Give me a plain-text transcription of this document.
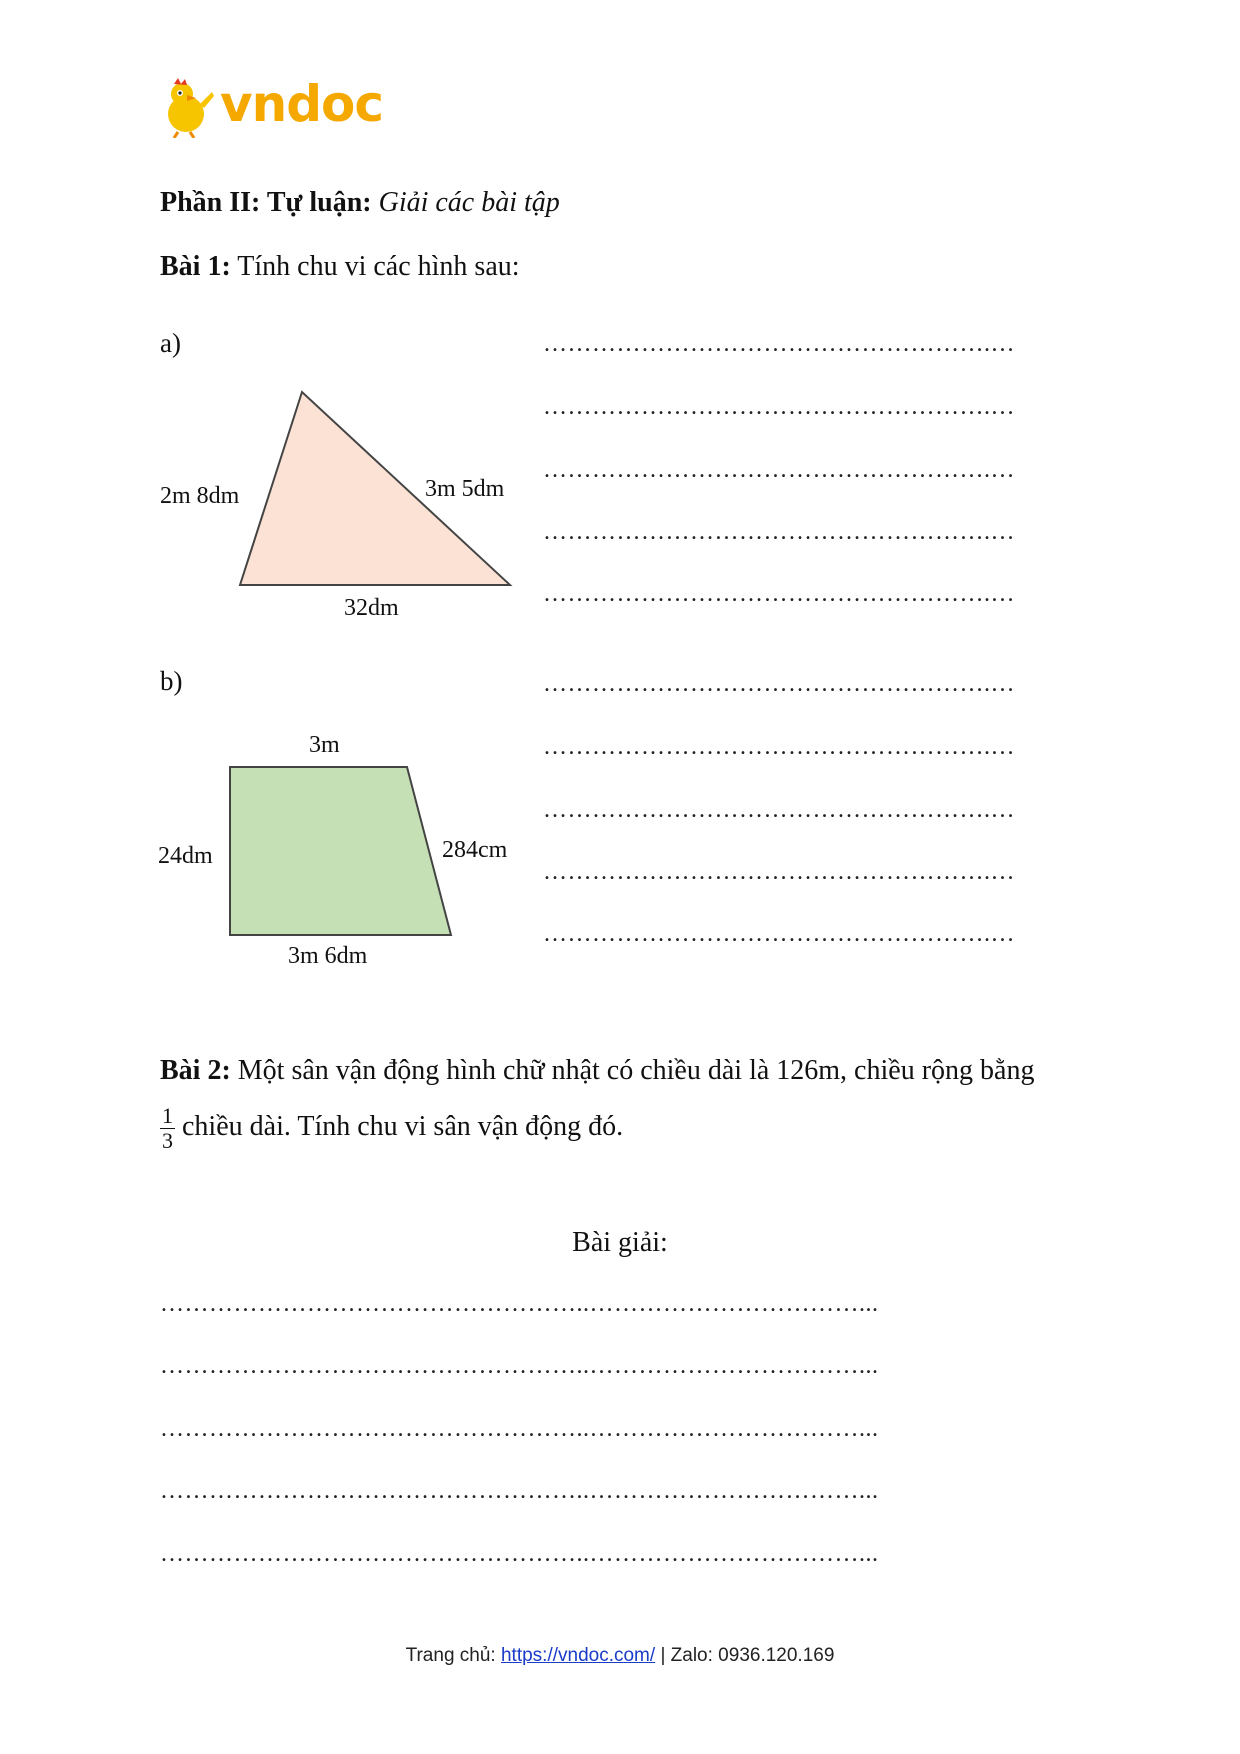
vndoc
Phần II: Tự luận: Giải các bài tập
Bài 1: Tính chu vi các hình sau:
a)
2m 8dm	3m 5dm
32dm
……………………………………………….…
……………………………………………….…
……………………………………………….…
……………………………………………….…
……………………………………………….…
b)
3m
24dm	284cm
3m 6dm
……………………………………………….…
……………………………………………….…
……………………………………………….…
……………………………………………….…
……………………………………………….…
Bài 2: Một sân vận động hình chữ nhật có chiều dài là 126m, chiều rộng bằng
$\frac{1}{3}$ chiều dài. Tính chu vi sân vận động đó.
Bài giải:
……………………………………………..……………………………...
……………………………………………..……………………………...
……………………………………………..……………………………...
……………………………………………..……………………………...
……………………………………………..……………………………...
Trang chủ: https://vndoc.com/ | Zalo: 0936.120.169
